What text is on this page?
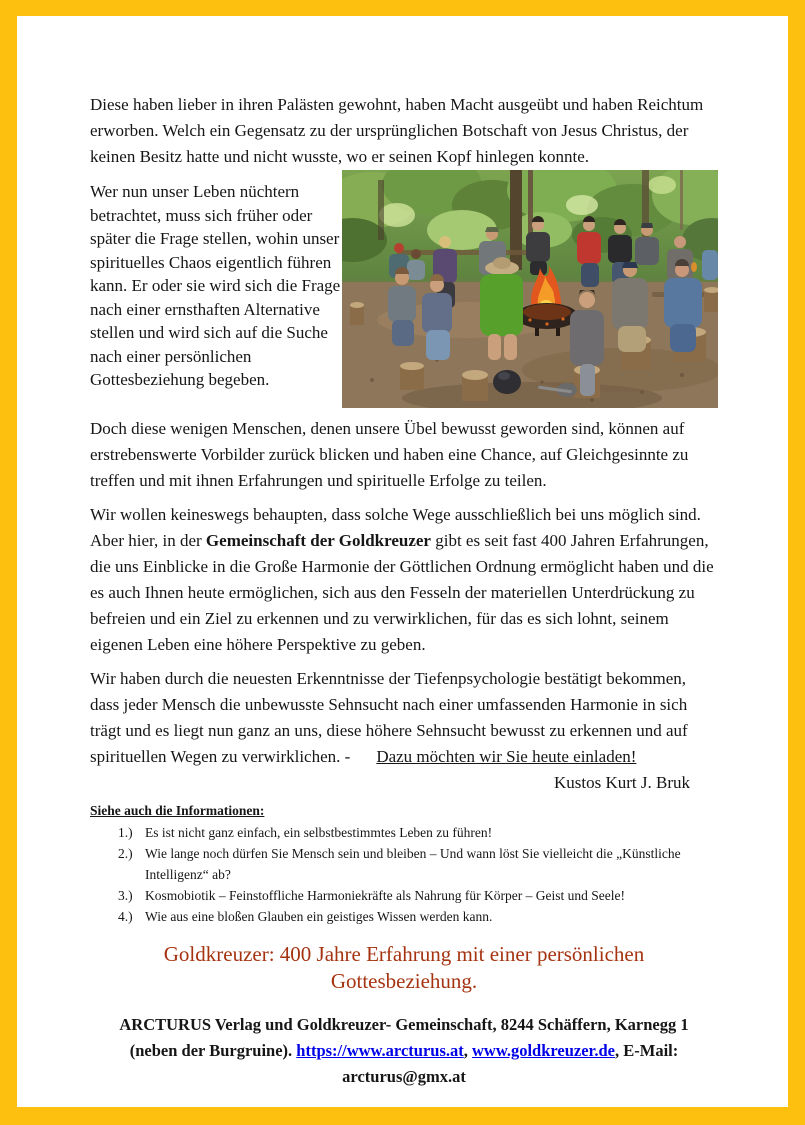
Diese haben lieber in ihren Palästen gewohnt, haben Macht ausgeübt und haben Reichtum erworben. Welch ein Gegensatz zu der ursprünglichen Botschaft von Jesus Christus, der keinen Besitz hatte und nicht wusste, wo er seinen Kopf hinlegen konnte.

Wer nun unser Leben nüchtern betrachtet, muss sich früher oder später die Frage stellen, wohin unser spirituelles Chaos eigentlich führen kann. Er oder sie wird sich die Frage nach einer ernsthaften Alternative stellen und wird sich auf die Suche nach einer persönlichen Gottesbeziehung begeben.

Doch diese wenigen Menschen, denen unsere Übel bewusst geworden sind, können auf erstrebenswerte Vorbilder zurück blicken und haben eine Chance, auf Gleichgesinnte zu treffen und mit ihnen Erfahrungen und spirituelle Erfolge zu teilen.

Wir wollen keineswegs behaupten, dass solche Wege ausschließlich bei uns möglich sind. Aber hier, in der Gemeinschaft der Goldkreuzer gibt es seit fast 400 Jahren Erfahrungen, die uns Einblicke in die Große Harmonie der Göttlichen Ordnung ermöglicht haben und die es auch Ihnen heute ermöglichen, sich aus den Fesseln der materiellen Unterdrückung zu befreien und ein Ziel zu erkennen und zu verwirklichen, für das es sich lohnt, seinem eigenen Leben eine höhere Perspektive zu geben.

Wir haben durch die neuesten Erkenntnisse der Tiefenpsychologie bestätigt bekommen, dass jeder Mensch die unbewusste Sehnsucht nach einer umfassenden Harmonie in sich trägt und es liegt nun ganz an uns, diese höhere Sehnsucht bewusst zu erkennen und auf spirituellen Wegen zu verwirklichen. - Dazu möchten wir Sie heute einladen!

Kustos Kurt J. Bruk

Siehe auch die Informationen:
1.) Es ist nicht ganz einfach, ein selbstbestimmtes Leben zu führen!
2.) Wie lange noch dürfen Sie Mensch sein und bleiben – Und wann löst Sie vielleicht die „Künstliche Intelligenz“ ab?
3.) Kosmobiotik – Feinstoffliche Harmoniekräfte als Nahrung für Körper – Geist und Seele!
4.) Wie aus eine bloßen Glauben ein geistiges Wissen werden kann.
Goldkreuzer: 400 Jahre Erfahrung mit einer persönlichen Gottesbeziehung.

ARCTURUS Verlag und Goldkreuzer- Gemeinschaft, 8244 Schäffern, Karnegg 1 (neben der Burgruine). https://www.arcturus.at, www.goldkreuzer.de, E-Mail: arcturus@gmx.at
